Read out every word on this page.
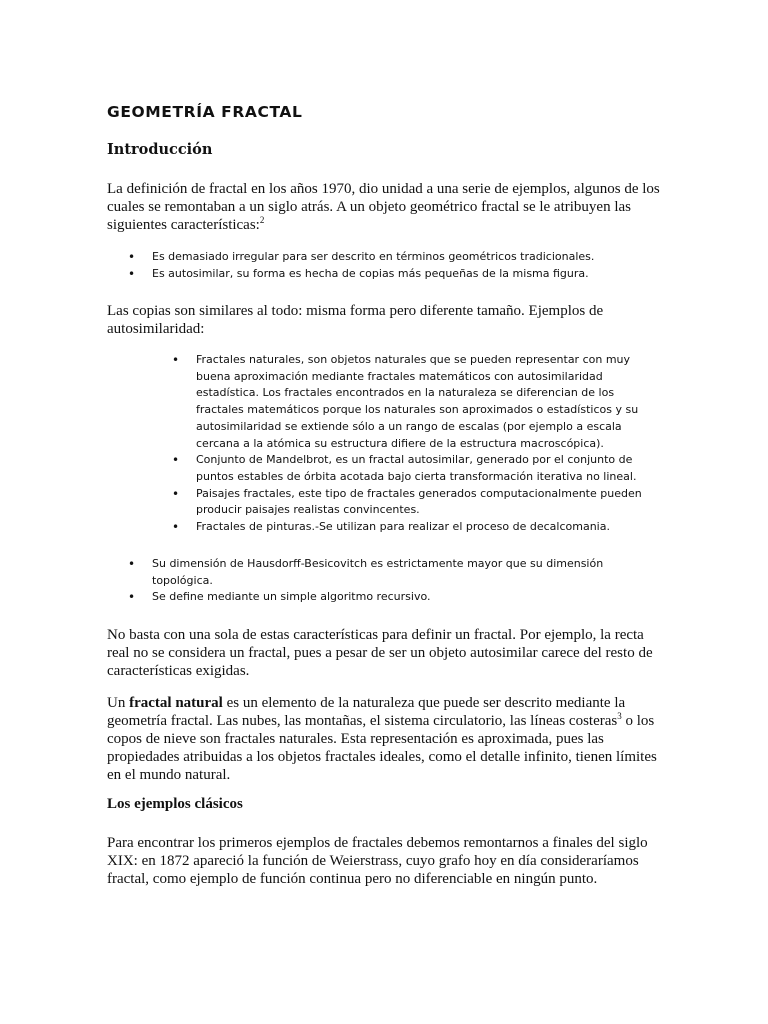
GEOMETRÍA FRACTAL
Introducción

La definición de fractal en los años 1970, dio unidad a una serie de ejemplos, algunos de los cuales se remontaban a un siglo atrás. A un objeto geométrico fractal se le atribuyen las siguientes características:$^2$

• Es demasiado irregular para ser descrito en términos geométricos tradicionales.
• Es autosimilar, su forma es hecha de copias más pequeñas de la misma figura.

Las copias son similares al todo: misma forma pero diferente tamaño. Ejemplos de autosimilaridad:

• Fractales naturales, son objetos naturales que se pueden representar con muy buena aproximación mediante fractales matemáticos con autosimilaridad estadística. Los fractales encontrados en la naturaleza se diferencian de los fractales matemáticos porque los naturales son aproximados o estadísticos y su autosimilaridad se extiende sólo a un rango de escalas (por ejemplo a escala cercana a la atómica su estructura difiere de la estructura macroscópica).
• Conjunto de Mandelbrot, es un fractal autosimilar, generado por el conjunto de puntos estables de órbita acotada bajo cierta transformación iterativa no lineal.
• Paisajes fractales, este tipo de fractales generados computacionalmente pueden producir paisajes realistas convincentes.
• Fractales de pinturas.-Se utilizan para realizar el proceso de decalcomania.
• Su dimensión de Hausdorff-Besicovitch es estrictamente mayor que su dimensión topológica.
• Se define mediante un simple algoritmo recursivo.

No basta con una sola de estas características para definir un fractal. Por ejemplo, la recta real no se considera un fractal, pues a pesar de ser un objeto autosimilar carece del resto de características exigidas.

Un fractal natural es un elemento de la naturaleza que puede ser descrito mediante la geometría fractal. Las nubes, las montañas, el sistema circulatorio, las líneas costeras$^3$ o los copos de nieve son fractales naturales. Esta representación es aproximada, pues las propiedades atribuidas a los objetos fractales ideales, como el detalle infinito, tienen límites en el mundo natural.

Los ejemplos clásicos

Para encontrar los primeros ejemplos de fractales debemos remontarnos a finales del siglo XIX: en 1872 apareció la función de Weierstrass, cuyo grafo hoy en día consideraríamos fractal, como ejemplo de función continua pero no diferenciable en ningún punto.
